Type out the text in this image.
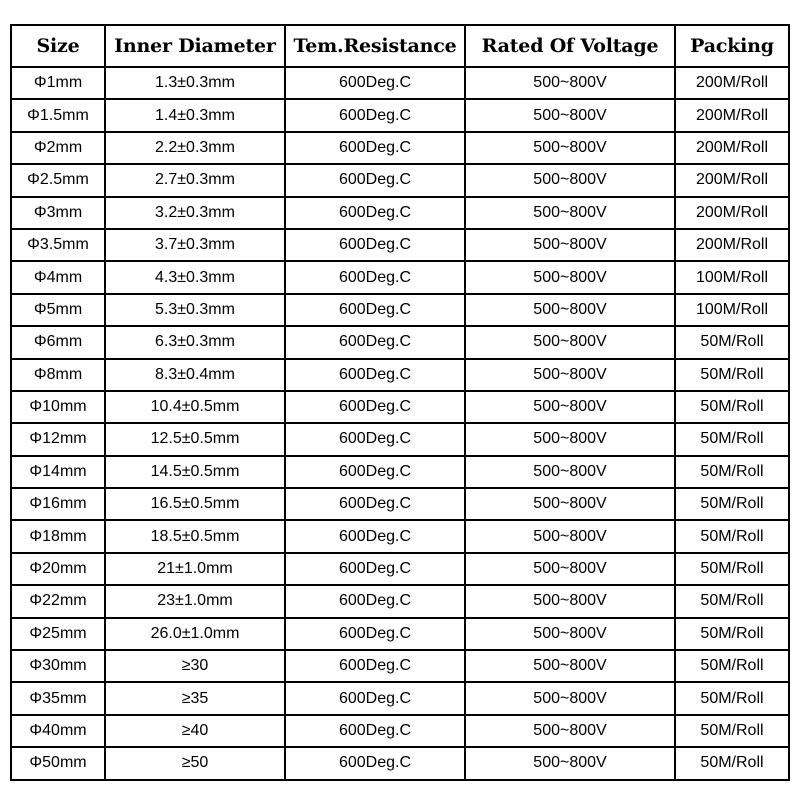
Size	Inner Diameter	Tem.Resistance	Rated Of Voltage	Packing
Φ1mm	1.3±0.3mm	600Deg.C	500~800V	200M/Roll
Φ1.5mm	1.4±0.3mm	600Deg.C	500~800V	200M/Roll
Φ2mm	2.2±0.3mm	600Deg.C	500~800V	200M/Roll
Φ2.5mm	2.7±0.3mm	600Deg.C	500~800V	200M/Roll
Φ3mm	3.2±0.3mm	600Deg.C	500~800V	200M/Roll
Φ3.5mm	3.7±0.3mm	600Deg.C	500~800V	200M/Roll
Φ4mm	4.3±0.3mm	600Deg.C	500~800V	100M/Roll
Φ5mm	5.3±0.3mm	600Deg.C	500~800V	100M/Roll
Φ6mm	6.3±0.3mm	600Deg.C	500~800V	50M/Roll
Φ8mm	8.3±0.4mm	600Deg.C	500~800V	50M/Roll
Φ10mm	10.4±0.5mm	600Deg.C	500~800V	50M/Roll
Φ12mm	12.5±0.5mm	600Deg.C	500~800V	50M/Roll
Φ14mm	14.5±0.5mm	600Deg.C	500~800V	50M/Roll
Φ16mm	16.5±0.5mm	600Deg.C	500~800V	50M/Roll
Φ18mm	18.5±0.5mm	600Deg.C	500~800V	50M/Roll
Φ20mm	21±1.0mm	600Deg.C	500~800V	50M/Roll
Φ22mm	23±1.0mm	600Deg.C	500~800V	50M/Roll
Φ25mm	26.0±1.0mm	600Deg.C	500~800V	50M/Roll
Φ30mm	≥30	600Deg.C	500~800V	50M/Roll
Φ35mm	≥35	600Deg.C	500~800V	50M/Roll
Φ40mm	≥40	600Deg.C	500~800V	50M/Roll
Φ50mm	≥50	600Deg.C	500~800V	50M/Roll
